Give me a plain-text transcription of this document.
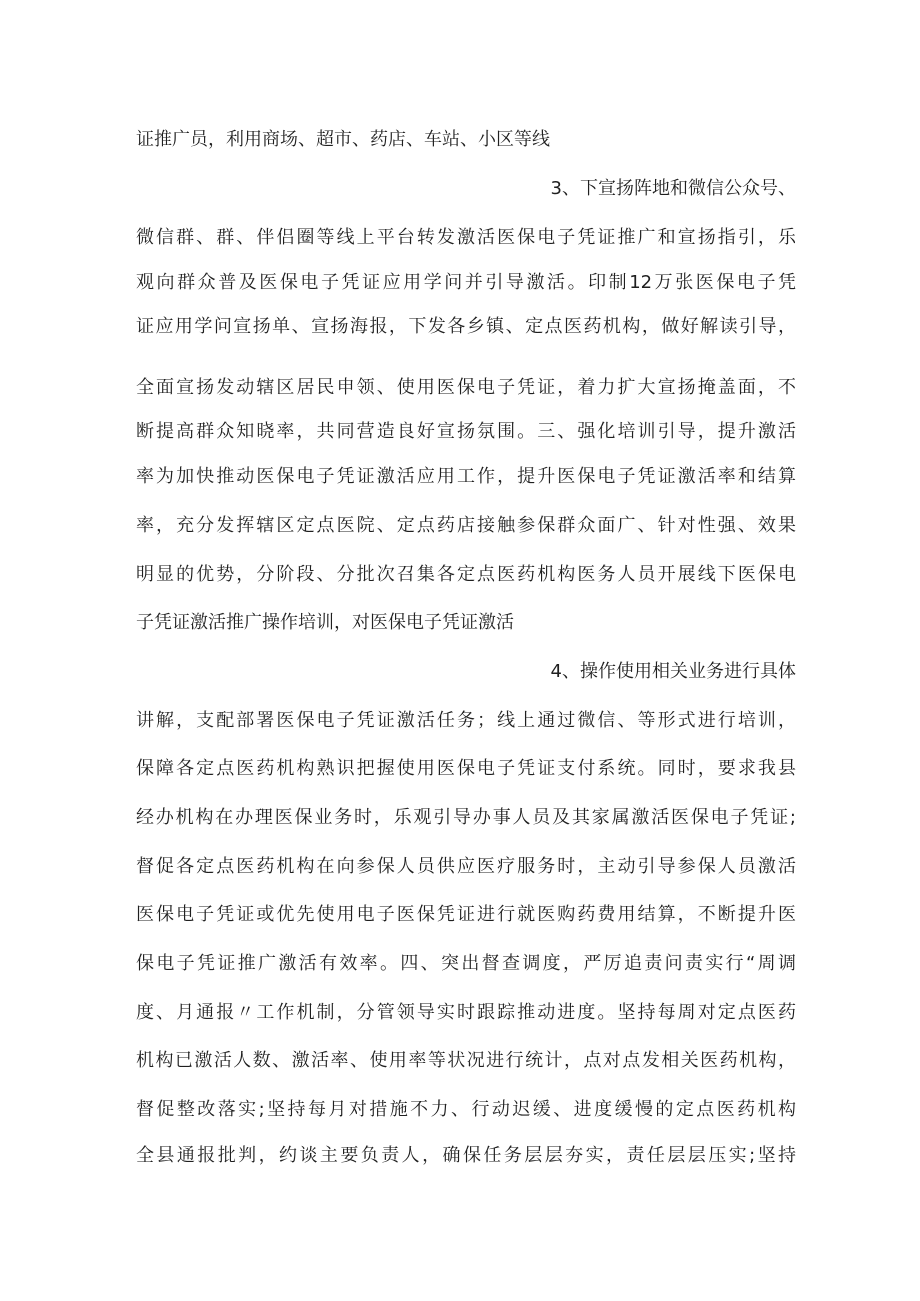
证推广员，利用商场、超市、药店、车站、小区等线
3、下宣扬阵地和微信公众号、
微信群、群、伴侣圈等线上平台转发激活医保电子凭证推广和宣扬指引，乐
观向群众普及医保电子凭证应用学问并引导激活。印制12万张医保电子凭
证应用学问宣扬单、宣扬海报，下发各乡镇、定点医药机构，做好解读引导，
全面宣扬发动辖区居民申领、使用医保电子凭证，着力扩大宣扬掩盖面，不
断提高群众知晓率，共同营造良好宣扬氛围。三、强化培训引导，提升激活
率为加快推动医保电子凭证激活应用工作，提升医保电子凭证激活率和结算
率，充分发挥辖区定点医院、定点药店接触参保群众面广、针对性强、效果
明显的优势，分阶段、分批次召集各定点医药机构医务人员开展线下医保电
子凭证激活推广操作培训，对医保电子凭证激活
4、操作使用相关业务进行具体
讲解，支配部署医保电子凭证激活任务；线上通过微信、等形式进行培训，
保障各定点医药机构熟识把握使用医保电子凭证支付系统。同时，要求我县
经办机构在办理医保业务时，乐观引导办事人员及其家属激活医保电子凭证;
督促各定点医药机构在向参保人员供应医疗服务时，主动引导参保人员激活
医保电子凭证或优先使用电子医保凭证进行就医购药费用结算，不断提升医
保电子凭证推广激活有效率。四、突出督查调度，严厉追责问责实行“周调
度、月通报〃工作机制，分管领导实时跟踪推动进度。坚持每周对定点医药
机构已激活人数、激活率、使用率等状况进行统计，点对点发相关医药机构，
督促整改落实;坚持每月对措施不力、行动迟缓、进度缓慢的定点医药机构
全县通报批判，约谈主要负责人，确保任务层层夯实，责任层层压实;坚持
